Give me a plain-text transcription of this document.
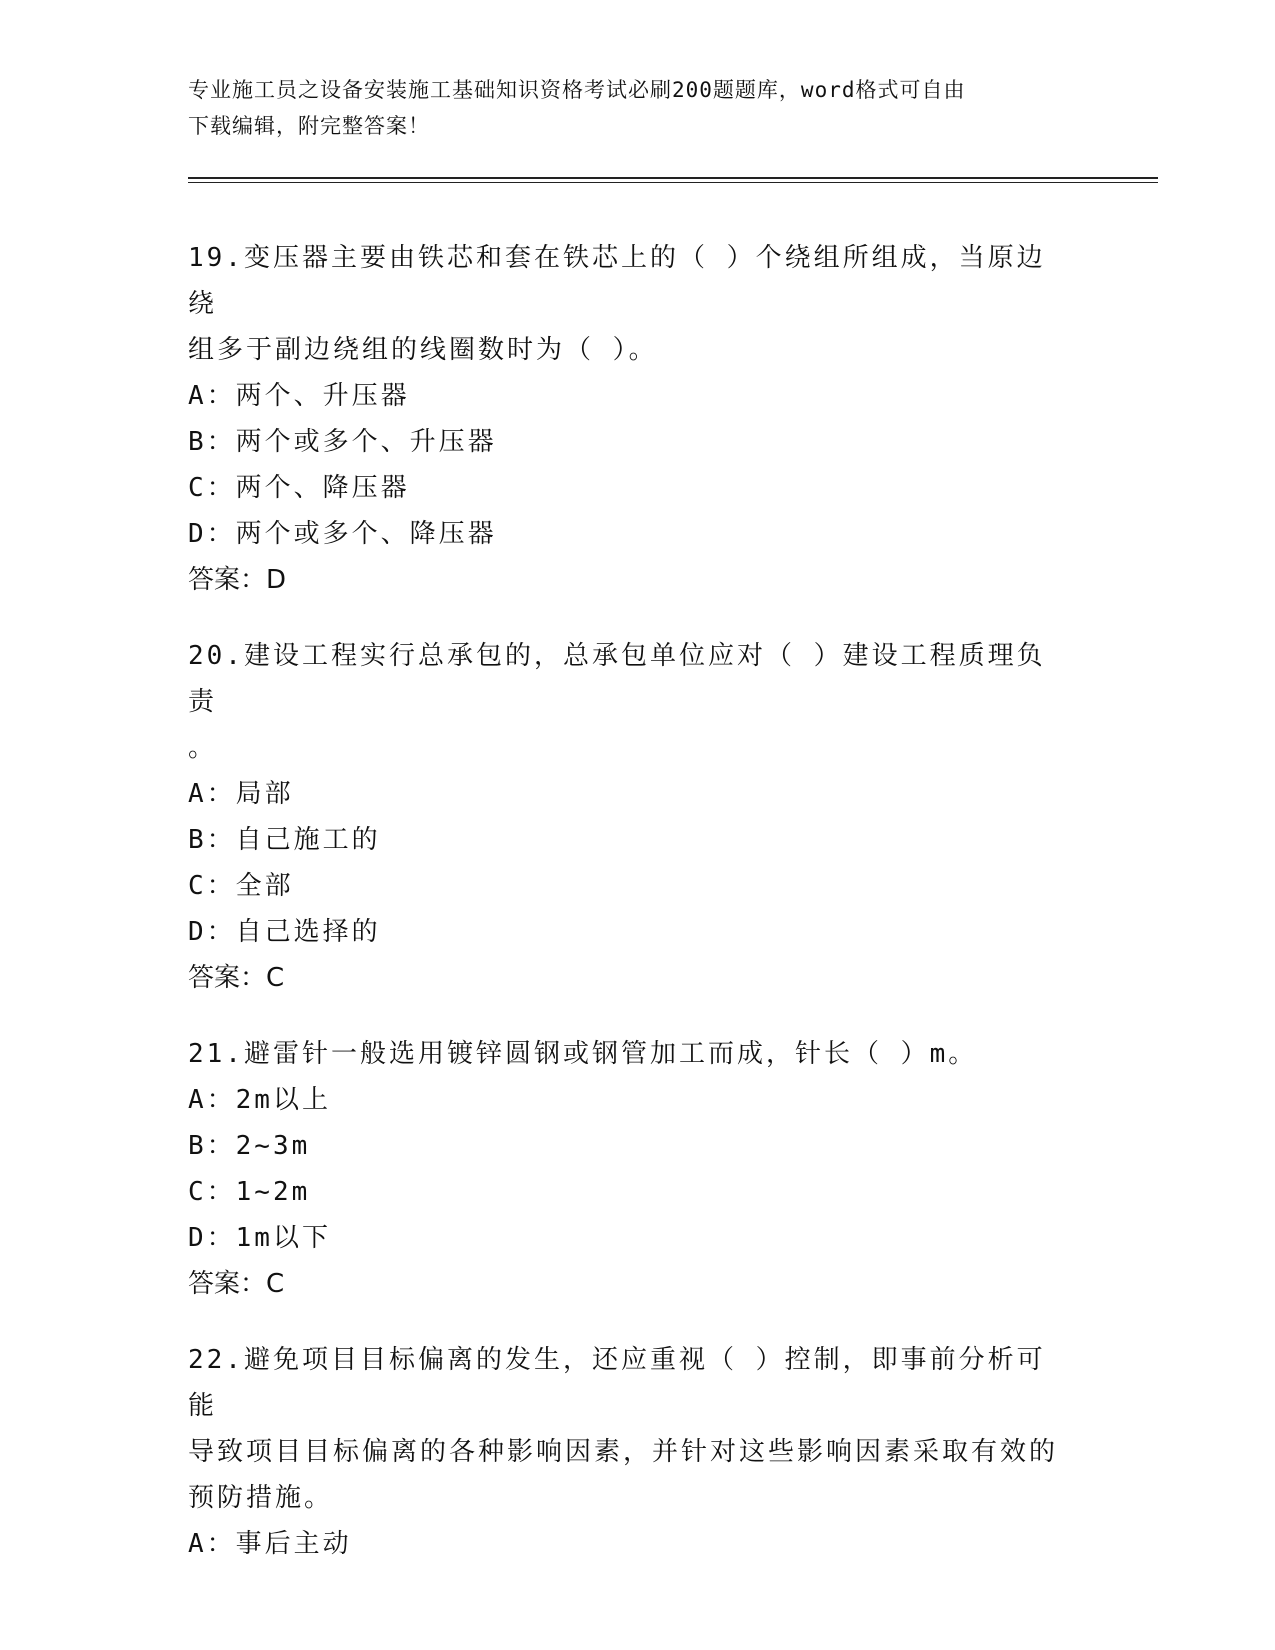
专业施工员之设备安装施工基础知识资格考试必刷200题题库，word格式可自由
下载编辑，附完整答案！
19.变压器主要由铁芯和套在铁芯上的（ ）个绕组所组成，当原边绕
组多于副边绕组的线圈数时为（ ）。
A：两个、升压器
B：两个或多个、升压器
C：两个、降压器
D：两个或多个、降压器
答案：D
20.建设工程实行总承包的，总承包单位应对（ ）建设工程质理负责
。
A：局部
B：自己施工的
C：全部
D：自己选择的
答案：C
21.避雷针一般选用镀锌圆钢或钢管加工而成，针长（ ）m。
A：2m以上
B：2~3m
C：1~2m
D：1m以下
答案：C
22.避免项目目标偏离的发生，还应重视（ ）控制，即事前分析可能
导致项目目标偏离的各种影响因素，并针对这些影响因素采取有效的
预防措施。
A：事后主动
